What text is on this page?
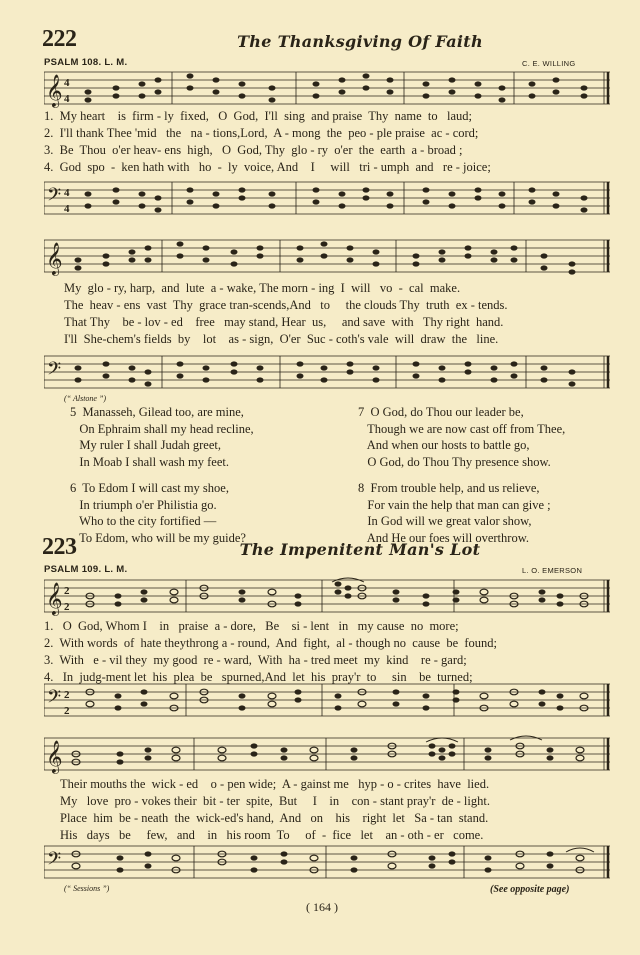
222	The Thanksgiving Of Faith
PSALM 108. L. M.	C. E. WILLING
𝄞 4
4
1.  My heart    is  firm - ly  fixed,   O  God,  I'll  sing  and praise  Thy  name  to   laud;
2.  I'll thank Thee 'mid   the   na - tions,Lord,  A - mong  the  peo - ple praise  ac - cord;
3.  Be  Thou  o'er heav- ens  high,   O  God, Thy  glo - ry  o'er  the  earth  a - broad ;
4.  God  spo  -  ken hath with   ho  -  ly  voice, And    I     will   tri - umph  and   re - joice;
𝄢 4
4
𝄞
My  glo - ry, harp,  and  lute  a - wake, The morn - ing  I  will   vo  -  cal  make.
The  heav - ens  vast  Thy  grace tran-scends,And   to     the clouds Thy  truth  ex - tends.
That Thy    be - lov - ed    free   may stand, Hear  us,     and save  with   Thy right  hand.
I'll  She-chem's fields  by    lot    as - sign,  O'er  Suc - coth's vale  will  draw  the   line.
𝄢
(“ Alstone ”)
5 Manasseh, Gilead too, are mine,
On Ephraim shall my head recline,
My ruler I shall Judah greet,
In Moab I shall wash my feet.
6 To Edom I will cast my shoe,
In triumph o'er Philistia go.
Who to the city fortified —
To Edom, who will be my guide?
7 O God, do Thou our leader be,
Though we are now cast off from Thee,
And when our hosts to battle go,
O God, do Thou Thy presence show.
8 From trouble help, and us relieve,
For vain the help that man can give ;
In God will we great valor show,
And He our foes will overthrow.
223	The Impenitent Man's Lot
PSALM 109. L. M.	L. O. EMERSON
𝄞 2
2
1.   O  God, Whom I    in   praise  a - dore,   Be    si - lent   in   my cause  no  more;
2.  With words  of  hate theythrong a - round,  And  fight,  al - though no  cause  be  found;
3.  With   e - vil they  my good  re - ward,  With  ha - tred meet  my  kind    re - gard;
4.   In  judg-ment let  his  plea  be   spurned,And  let  his  pray'r  to     sin    be  turned;
𝄢 2
2
𝄞
Their mouths the  wick - ed    o - pen wide;  A - gainst me   hyp - o - crites  have  lied.
My   love  pro - vokes their  bit - ter  spite,  But     I    in    con - stant pray'r  de - light.
Place  him  be - neath  the  wick-ed's hand,  And   on    his    right  let   Sa - tan  stand.
His   days   be     few,   and    in   his room  To     of  -  fice   let    an - oth - er   come.
𝄢
(“ Sessions ”)	(See opposite page)
( 164 )
